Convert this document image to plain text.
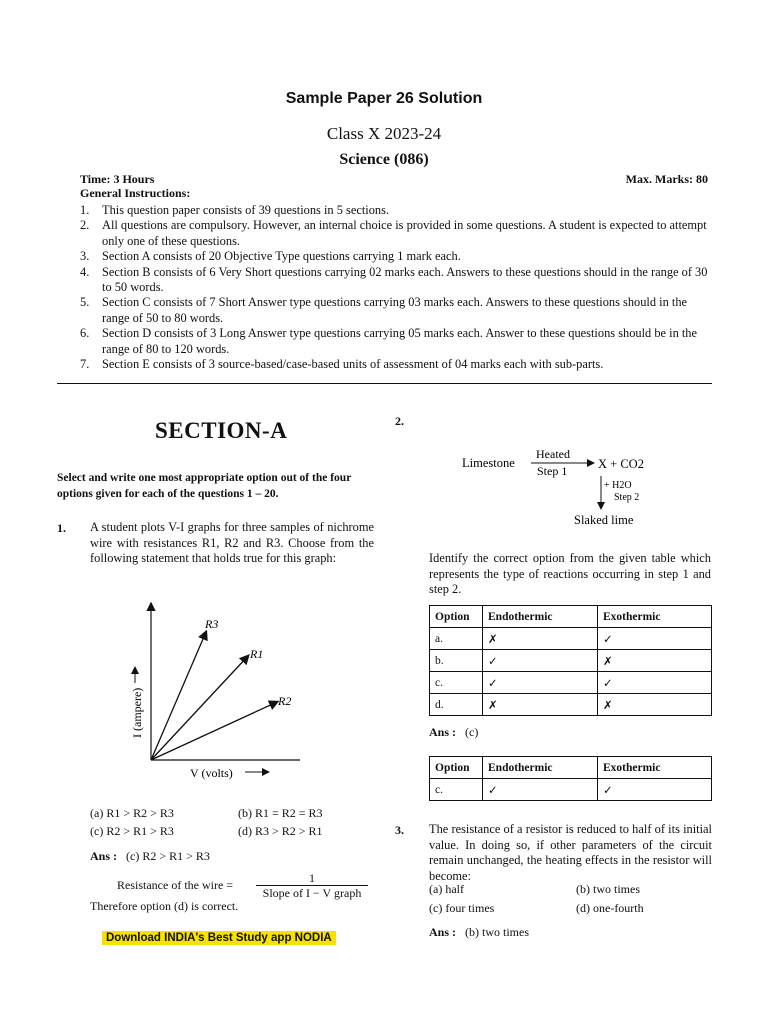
Sample Paper 26 Solution
Class X 2023-24
Science (086)
Time: 3 Hours	Max. Marks: 80
General Instructions:
1.	This question paper consists of 39 questions in 5 sections.
2.	All questions are compulsory. However, an internal choice is provided in some questions. A student is expected to attempt only one of these questions.
3.	Section A consists of 20 Objective Type questions carrying 1 mark each.
4.	Section B consists of 6 Very Short questions carrying 02 marks each. Answers to these questions should in the range of 30 to 50 words.
5.	Section C consists of 7 Short Answer type questions carrying 03 marks each. Answers to these questions should in the range of 50 to 80 words.
6.	Section D consists of 3 Long Answer type questions carrying 05 marks each. Answer to these questions should be in the range of 80 to 120 words.
7.	Section E consists of 3 source-based/case-based units of assessment of 04 marks each with sub-parts.
SECTION-A
Select and write one most appropriate option out of the four options given for each of the questions 1 – 20.
1. A student plots V-I graphs for three samples of nichrome wire with resistances R1, R2 and R3. Choose from the following statement that holds true for this graph:
R3
R1
R2
I (ampere)
V (volts)
(a) R1 > R2 > R3	(b) R1 = R2 = R3
(c) R2 > R1 > R3	(d) R3 > R2 > R1
Ans : (c) R2 > R1 > R3
Resistance of the wire =	1
Slope of I − V graph
Therefore option (d) is correct.
Download INDIA's Best Study app NODIA
2.
Limestone
Heated
Step 1 X + CO2
+ H2O
Step 2
Slaked lime
Identify the correct option from the given table which represents the type of reactions occurring in step 1 and step 2.
Option	Endothermic	Exothermic
a.	✗	✓
b.	✓	✗
c.	✓	✓
d.	✗	✗
Ans : (c)
Option	Endothermic	Exothermic
c.	✓	✓
3. The resistance of a resistor is reduced to half of its initial value. In doing so, if other parameters of the circuit remain unchanged, the heating effects in the resistor will become:
(a) half	(b) two times
(c) four times	(d) one-fourth
Ans : (b) two times
